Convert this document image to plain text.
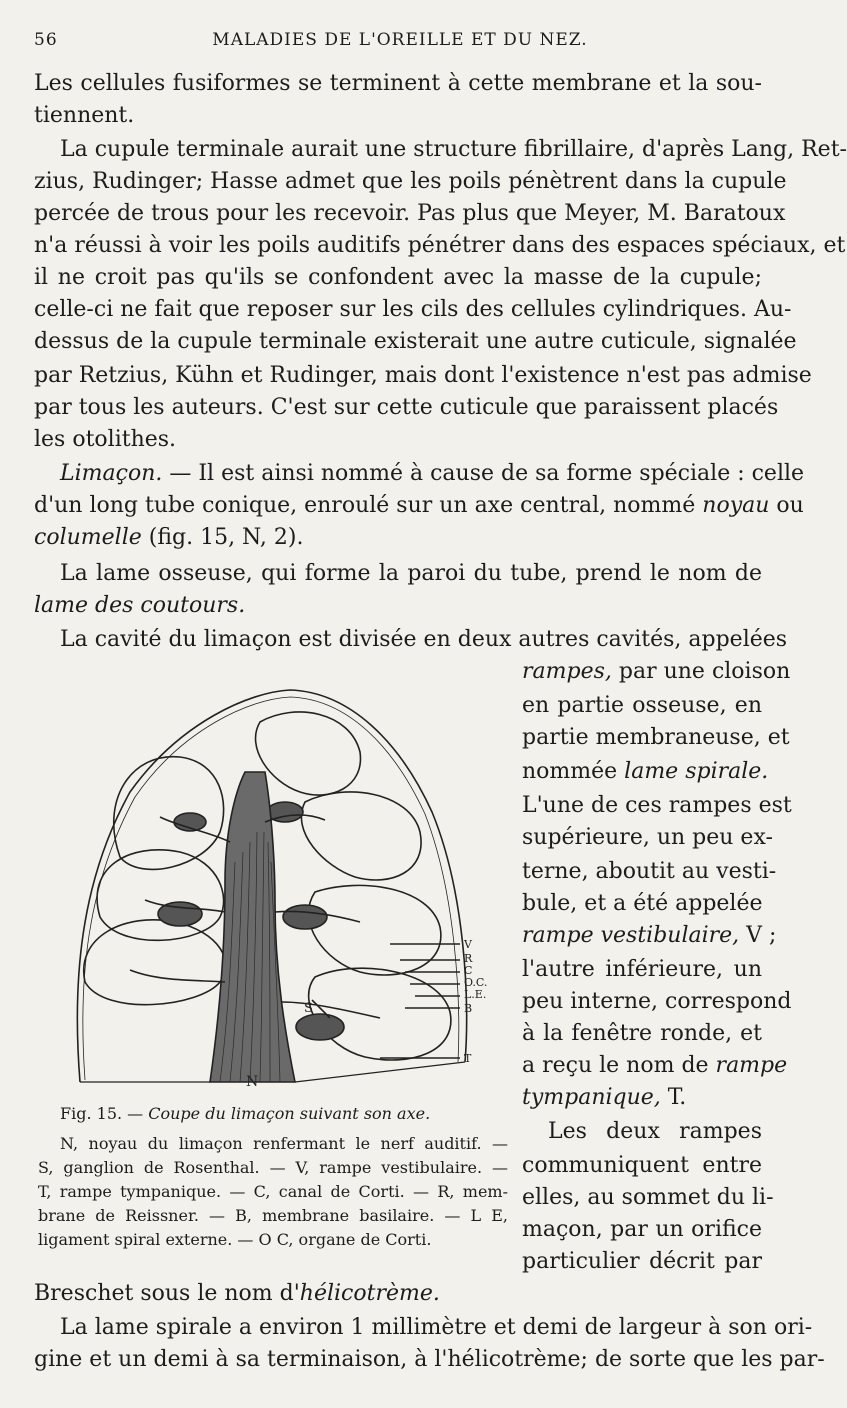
56	MALADIES DE L'OREILLE ET DU NEZ.
Les cellules fusiformes se terminent à cette membrane et la sou-
tiennent.
La cupule terminale aurait une structure fibrillaire, d'après Lang, Ret-
zius, Rudinger; Hasse admet que les poils pénètrent dans la cupule
percée de trous pour les recevoir. Pas plus que Meyer, M. Baratoux
n'a réussi à voir les poils auditifs pénétrer dans des espaces spéciaux, et
il ne croit pas qu'ils se confondent avec la masse de la cupule;
celle-ci ne fait que reposer sur les cils des cellules cylindriques. Au-
dessus de la cupule terminale existerait une autre cuticule, signalée
par Retzius, Kühn et Rudinger, mais dont l'existence n'est pas admise
par tous les auteurs. C'est sur cette cuticule que paraissent placés
les otolithes.
Limaçon. — Il est ainsi nommé à cause de sa forme spéciale : celle
d'un long tube conique, enroulé sur un axe central, nommé noyau ou
columelle (fig. 15, N, 2).
La lame osseuse, qui forme la paroi du tube, prend le nom de
lame des coutours.
La cavité du limaçon est divisée en deux autres cavités, appelées
V
R
C
O.C.
L.E.
B
T
N
S
rampes, par une cloison
en partie osseuse, en
partie membraneuse, et
nommée lame spirale.
L'une de ces rampes est
supérieure, un peu ex-
terne, aboutit au vesti-
bule, et a été appelée
rampe vestibulaire, V ;
l'autre inférieure, un
peu interne, correspond
à la fenêtre ronde, et
a reçu le nom de rampe
tympanique, T.
Les deux rampes
communiquent entre
elles, au sommet du li-
maçon, par un orifice
particulier décrit par
Fig. 15. — Coupe du limaçon suivant son axe.
N, noyau du limaçon renfermant le nerf auditif. —
S, ganglion de Rosenthal. — V, rampe vestibulaire. —
T, rampe tympanique. — C, canal de Corti. — R, mem-
brane de Reissner. — B, membrane basilaire. — L E,
ligament spiral externe. — O C, organe de Corti.
Breschet sous le nom d'hélicotrème.
La lame spirale a environ 1 millimètre et demi de largeur à son ori-
gine et un demi à sa terminaison, à l'hélicotrème; de sorte que les par-
